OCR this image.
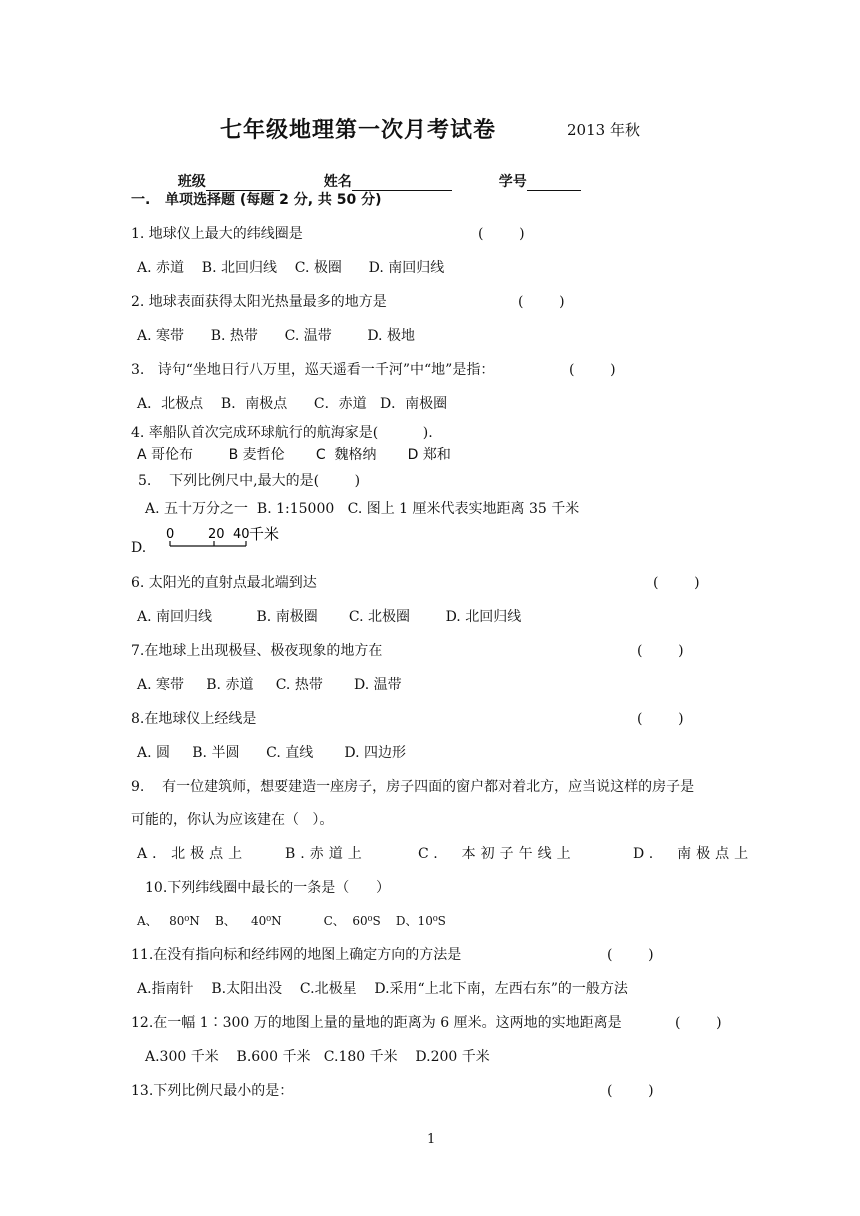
七年级地理第一次月考试卷	2013 年秋

班级	姓名	学号

一.   单项选择题 (每题 2 分, 共 50 分)
1. 地球仪上最大的纬线圈是	(        )
A. 赤道    B. 北回归线    C. 极圈      D. 南回归线
2. 地球表面获得太阳光热量最多的地方是	(        )
A. 寒带      B. 热带      C. 温带        D. 极地
3.   诗句“坐地日行八万里，巡天遥看一千河”中“地”是指：	(        )
A．北极点    B．南极点      C．赤道   D．南极圈
4. 率船队首次完成环球航行的航海家是(          ).
A 哥伦布        B 麦哲伦       C  魏格纳       D 郑和
5.    下列比例尺中,最大的是(        )
A. 五十万分之一  B. 1:15000   C. 图上 1 厘米代表实地距离 35 千米
D.
0	20 40 千米
6. 太阳光的直射点最北端到达	(        )
A. 南回归线          B. 南极圈       C. 北极圈        D. 北回归线
7.在地球上出现极昼、极夜现象的地方在	(        )
A. 寒带     B. 赤道     C. 热带       D. 温带
8.在地球仪上经线是	(        )
A. 圆     B. 半圆      C. 直线       D. 四边形
9.    有一位建筑师，想要建造一座房子，房子四面的窗户都对着北方，应当说这样的房子是
可能的，你认为应该建在（   ）。
A．北极点上	B.赤道上	C.  本初子午线上	D.  南极点上
10.下列纬线圈中最长的一条是（      ）
A、   80⁰N    B、    40⁰N           C、  60⁰S    D、10⁰S
11.在没有指向标和经纬网的地图上确定方向的方法是	(        )
A.指南针    B.太阳出没    C.北极星    D.采用“上北下南，左西右东”的一般方法
12.在一幅 1∶300 万的地图上量的量地的距离为 6 厘米。这两地的实地距离是	(        )
A.300 千米    B.600 千米   C.180 千米    D.200 千米
13.下列比例尺最小的是：	(        )
1
